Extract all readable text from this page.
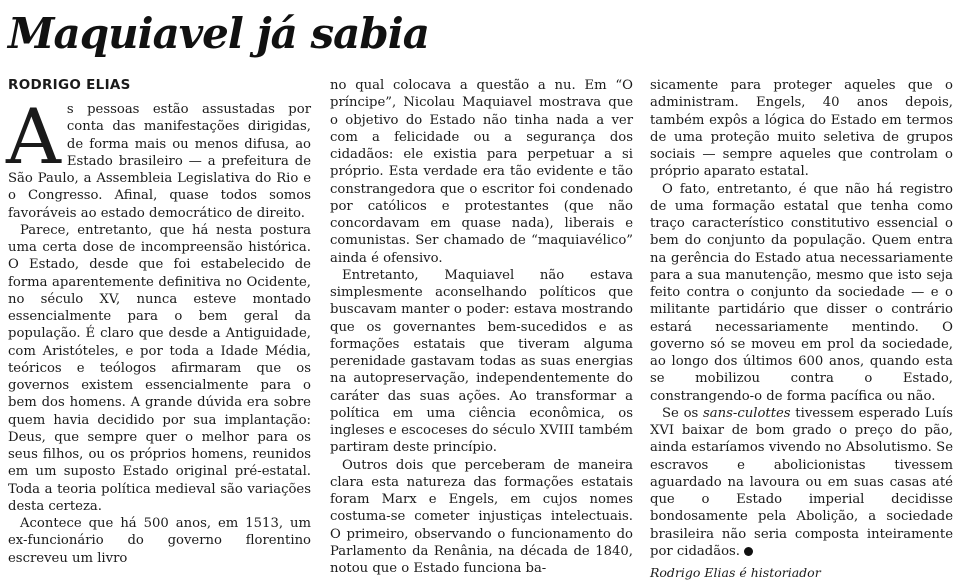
Maquiavel já sabia
RODRIGO ELIAS

As pessoas estão assustadas por conta das manifestações dirigidas, de forma mais ou menos difusa, ao Estado brasileiro — a prefeitura de São Paulo, a Assembleia Legislativa do Rio e o Congresso. Afinal, quase todos somos favoráveis ao estado democrático de direito.

Parece, entretanto, que há nesta postura uma certa dose de incompreensão histórica. O Estado, desde que foi estabelecido de forma aparentemente definitiva no Ocidente, no século XV, nunca esteve montado essencialmente para o bem geral da população. É claro que desde a Antiguidade, com Aristóteles, e por toda a Idade Média, teóricos e teólogos afirmaram que os governos existem essencialmente para o bem dos homens. A grande dúvida era sobre quem havia decidido por sua implantação: Deus, que sempre quer o melhor para os seus filhos, ou os próprios homens, reunidos em um suposto Estado original pré-estatal. Toda a teoria política medieval são variações desta certeza.

Acontece que há 500 anos, em 1513, um ex-funcionário do governo florentino escreveu um livro

no qual colocava a questão a nu. Em “O príncipe”, Nicolau Maquiavel mostrava que o objetivo do Estado não tinha nada a ver com a felicidade ou a segurança dos cidadãos: ele existia para perpetuar a si próprio. Esta verdade era tão evidente e tão constrangedora que o escritor foi condenado por católicos e protestantes (que não concordavam em quase nada), liberais e comunistas. Ser chamado de “maquiavélico” ainda é ofensivo.

Entretanto, Maquiavel não estava simplesmente aconselhando políticos que buscavam manter o poder: estava mostrando que os governantes bem-sucedidos e as formações estatais que tiveram alguma perenidade gastavam todas as suas energias na autopreservação, independentemente do caráter das suas ações. Ao transformar a política em uma ciência econômica, os ingleses e escoceses do século XVIII também partiram deste princípio.

Outros dois que perceberam de maneira clara esta natureza das formações estatais foram Marx e Engels, em cujos nomes costuma-se cometer injustiças intelectuais. O primeiro, observando o funcionamento do Parlamento da Renânia, na década de 1840, notou que o Estado funciona ba-

sicamente para proteger aqueles que o administram. Engels, 40 anos depois, também expôs a lógica do Estado em termos de uma proteção muito seletiva de grupos sociais — sempre aqueles que controlam o próprio aparato estatal.

O fato, entretanto, é que não há registro de uma formação estatal que tenha como traço característico constitutivo essencial o bem do conjunto da população. Quem entra na gerência do Estado atua necessariamente para a sua manutenção, mesmo que isto seja feito contra o conjunto da sociedade — e o militante partidário que disser o contrário estará necessariamente mentindo. O governo só se moveu em prol da sociedade, ao longo dos últimos 600 anos, quando esta se mobilizou contra o Estado, constrangendo-o de forma pacífica ou não.

Se os sans-culottes tivessem esperado Luís XVI baixar de bom grado o preço do pão, ainda estaríamos vivendo no Absolutismo. Se escravos e abolicionistas tivessem aguardado na lavoura ou em suas casas até que o Estado imperial decidisse bondosamente pela Abolição, a sociedade brasileira não seria composta inteiramente por cidadãos.

Rodrigo Elias é historiador
